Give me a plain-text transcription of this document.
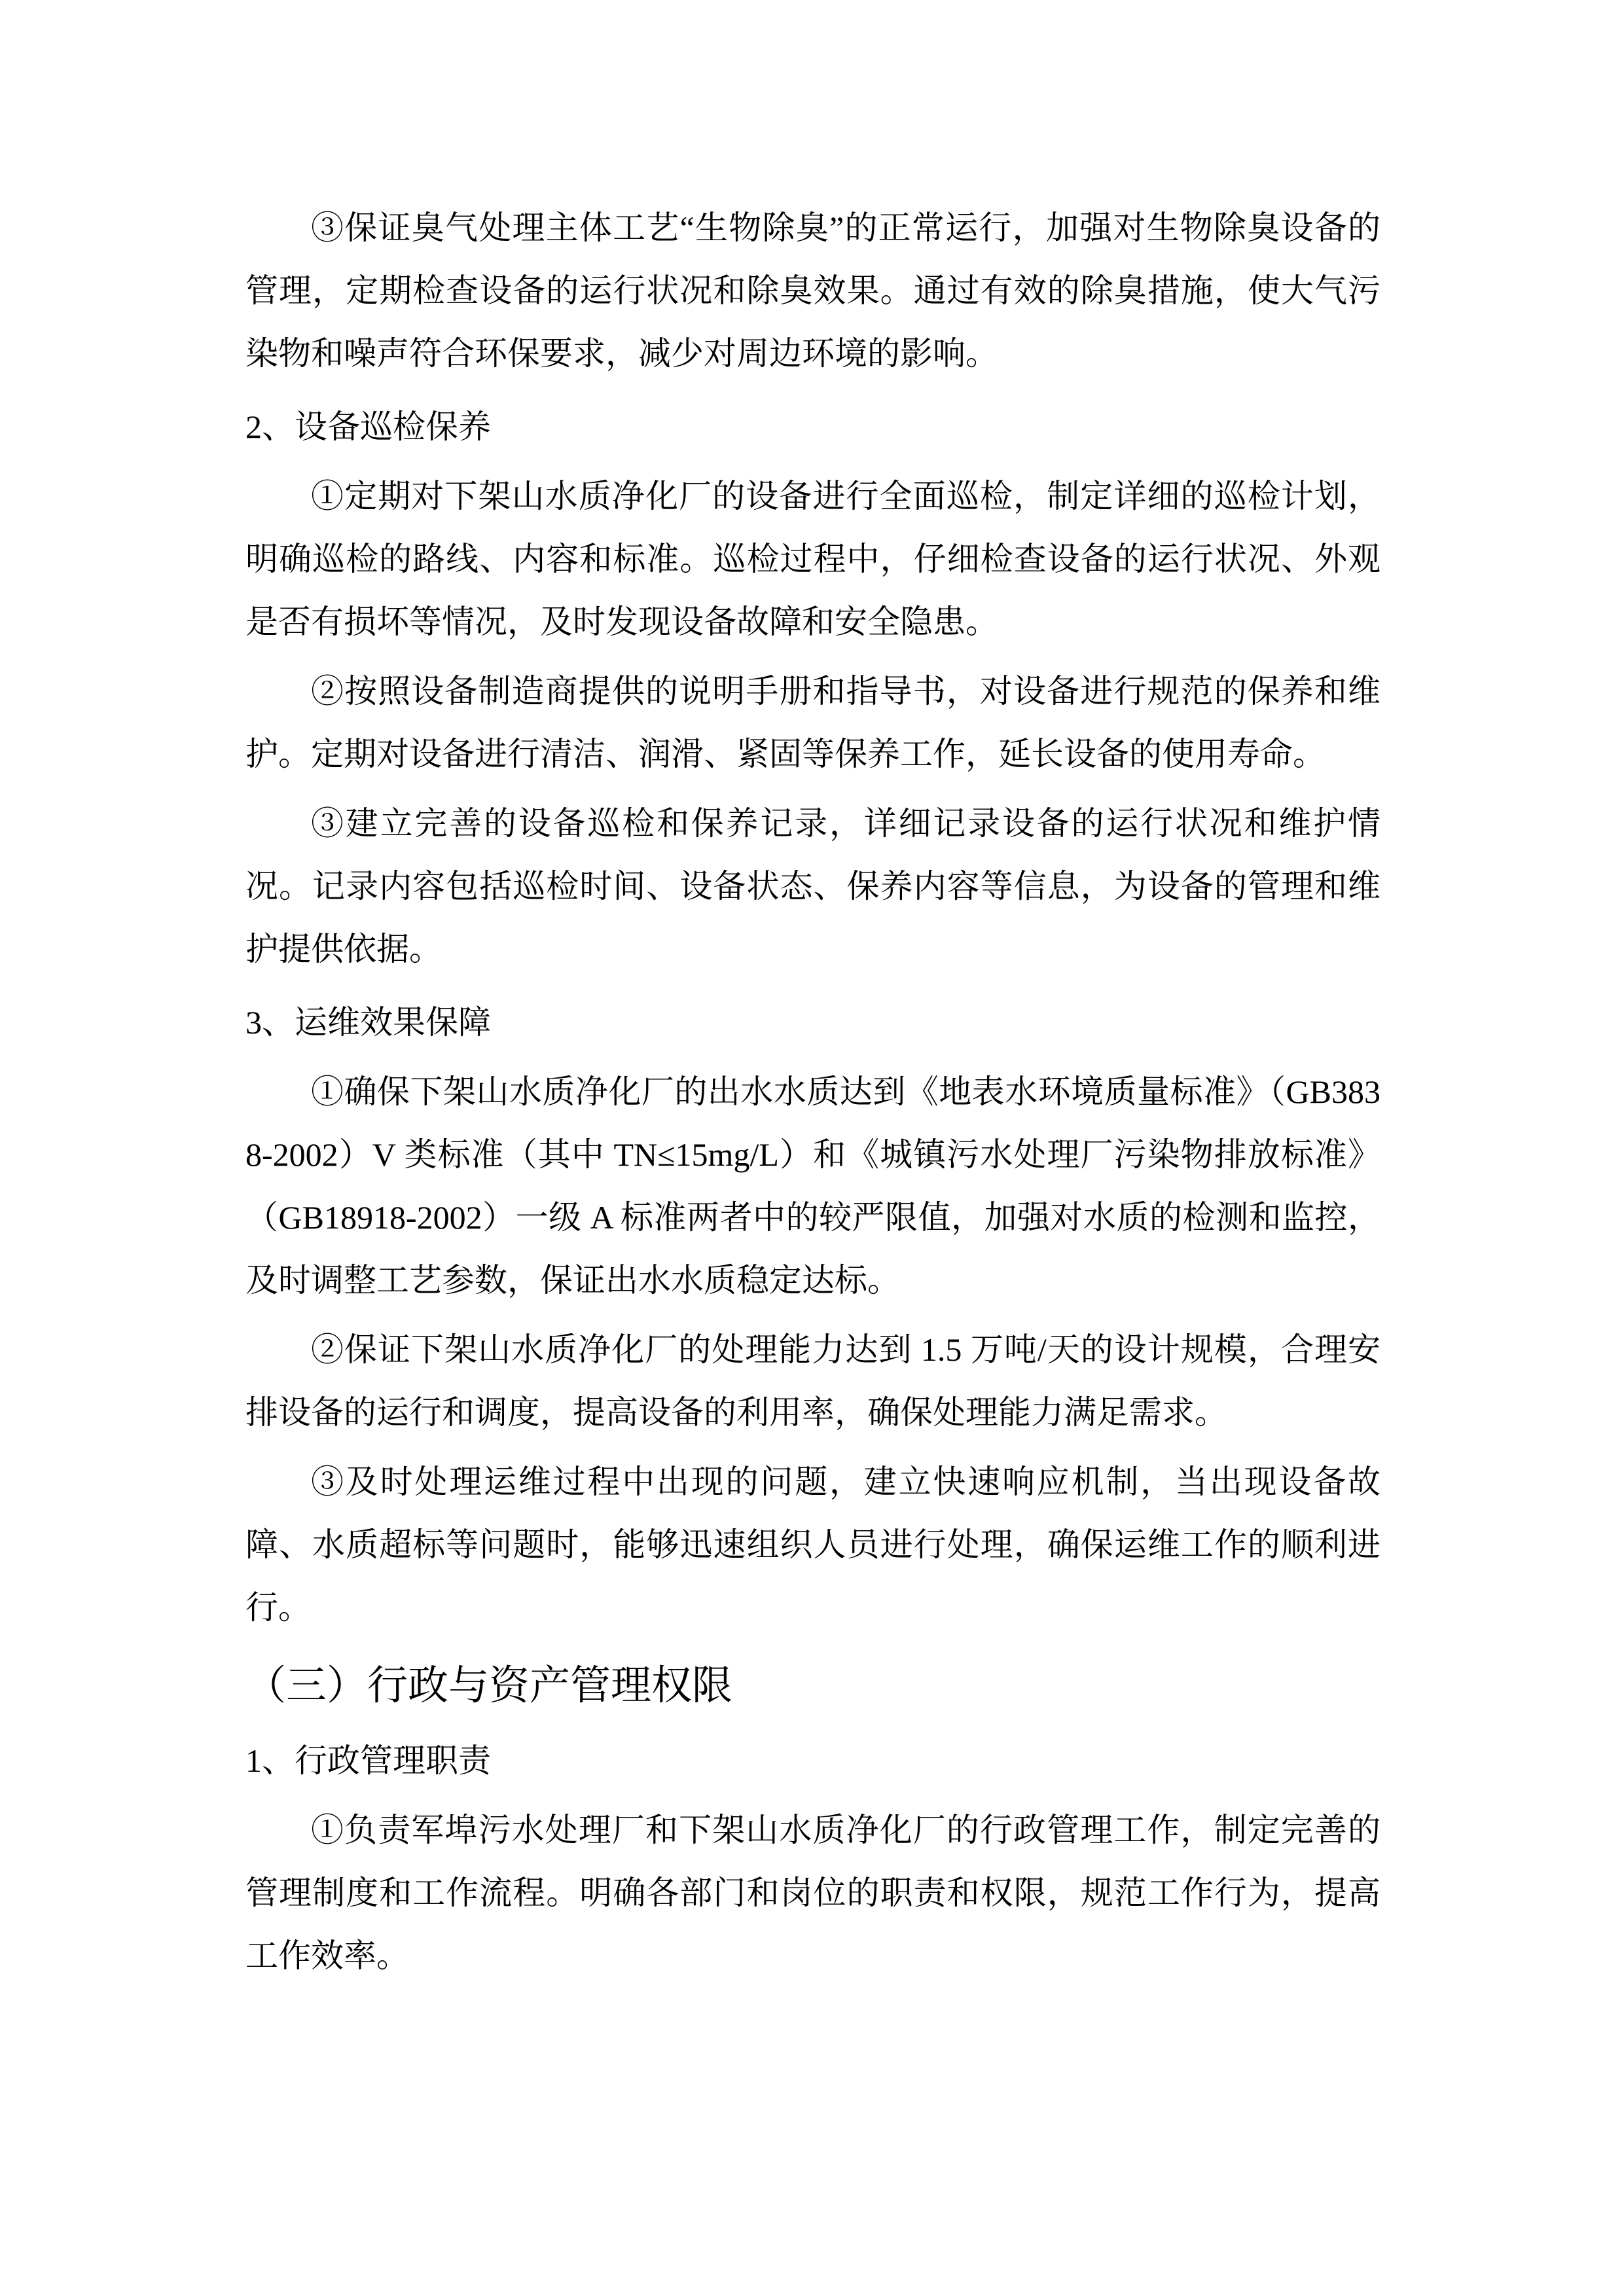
③保证臭气处理主体工艺“生物除臭”的正常运行，加强对生物除臭设备的管理，定期检查设备的运行状况和除臭效果。通过有效的除臭措施，使大气污染物和噪声符合环保要求，减少对周边环境的影响。

2、设备巡检保养

①定期对下架山水质净化厂的设备进行全面巡检，制定详细的巡检计划，明确巡检的路线、内容和标准。巡检过程中，仔细检查设备的运行状况、外观是否有损坏等情况，及时发现设备故障和安全隐患。

②按照设备制造商提供的说明手册和指导书，对设备进行规范的保养和维护。定期对设备进行清洁、润滑、紧固等保养工作，延长设备的使用寿命。

③建立完善的设备巡检和保养记录，详细记录设备的运行状况和维护情况。记录内容包括巡检时间、设备状态、保养内容等信息，为设备的管理和维护提供依据。

3、运维效果保障

①确保下架山水质净化厂的出水水质达到《地表水环境质量标准》（GB3838-2002）V 类标准（其中 TN≤15mg/L）和《城镇污水处理厂污染物排放标准》（GB18918-2002）一级 A 标准两者中的较严限值，加强对水质的检测和监控，及时调整工艺参数，保证出水水质稳定达标。

②保证下架山水质净化厂的处理能力达到 1.5 万吨/天的设计规模，合理安排设备的运行和调度，提高设备的利用率，确保处理能力满足需求。

③及时处理运维过程中出现的问题，建立快速响应机制，当出现设备故障、水质超标等问题时，能够迅速组织人员进行处理，确保运维工作的顺利进行。

（三）行政与资产管理权限
1、行政管理职责

①负责军埠污水处理厂和下架山水质净化厂的行政管理工作，制定完善的管理制度和工作流程。明确各部门和岗位的职责和权限，规范工作行为，提高工作效率。
